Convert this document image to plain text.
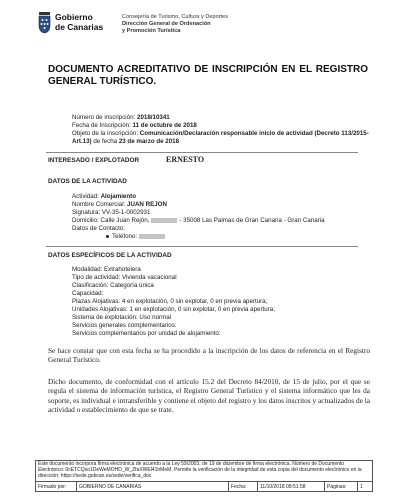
Gobierno
de Canarias
Consejería de Turismo, Cultura y Deportes
Dirección General de Ordenación
y Promoción Turística
DOCUMENTO ACREDITATIVO DE INSCRIPCIÓN EN EL REGISTRO GENERAL TURÍSTICO.
Número de inscripción: 2018/10341
Fecha de Inscripción: 11 de octubre de 2018
Objeto de la inscripción: Comunicación/Declaración responsable inicio de actividad (Decreto 113/2015-Art.13) de fecha 23 de marzo de 2018
INTERESADO / EXPLOTADOR	ERNESTO
DATOS DE LA ACTIVIDAD
Actividad: Alojamiento
Nombre Comercial: JUAN REJON
Signatura: VV-35-1-0002931
Domicilio: Calle Juan Rejón,	- 35008 Las Palmas de Gran Canaria - Gran Canaria
Datos de Contacto:
Teléfono:
DATOS ESPECÍFICOS DE LA ACTIVIDAD
Modalidad: Extrahotelera
Tipo de actividad: Vivienda vacacional
Clasificación: Categoría única
Capacidad:
Plazas Alojativas: 4 en explotación, 0 sin explotar, 0 en previa apertura;
Unidades Alojativas: 1 en explotación, 0 sin explotar, 0 en previa apertura;
Sistema de explotación: Uso normal
Servicios generales complementarios:
Servicios complementarios por unidad de alojamiento:
Se hace constar que con esta fecha se ha procedido a la inscripción de los datos de referencia en el Registro General Turístico.
Dicho documento, de conformidad con el artículo 15.2 del Decreto 84/2010, de 15 de julio, por el que se regula el sistema de información turística, el Registro General Turístico y el sistema informático que les da soporte, es individual e intransferible y contiene el objeto del registro y los datos inscritos y actualizados de la actividad o establecimiento de que se trate.
Este documento incorpora firma electrónica de acuerdo a la Ley 59/2003, de 19 de diciembre de firma electrónica. Número de Documento Electrónico: 0cETCQso1DeWeMOHD_W_ZfaXWEl41hMeM. Permite la verificación de la integridad de esta copia del documento electrónico en la dirección: https://sede.gobcan.es/sede/verifica_doc
Firmado por:	GOBIERNO DE CANARIAS	Fecha:	11/10/2018 08:51:58	Páginas:	1
